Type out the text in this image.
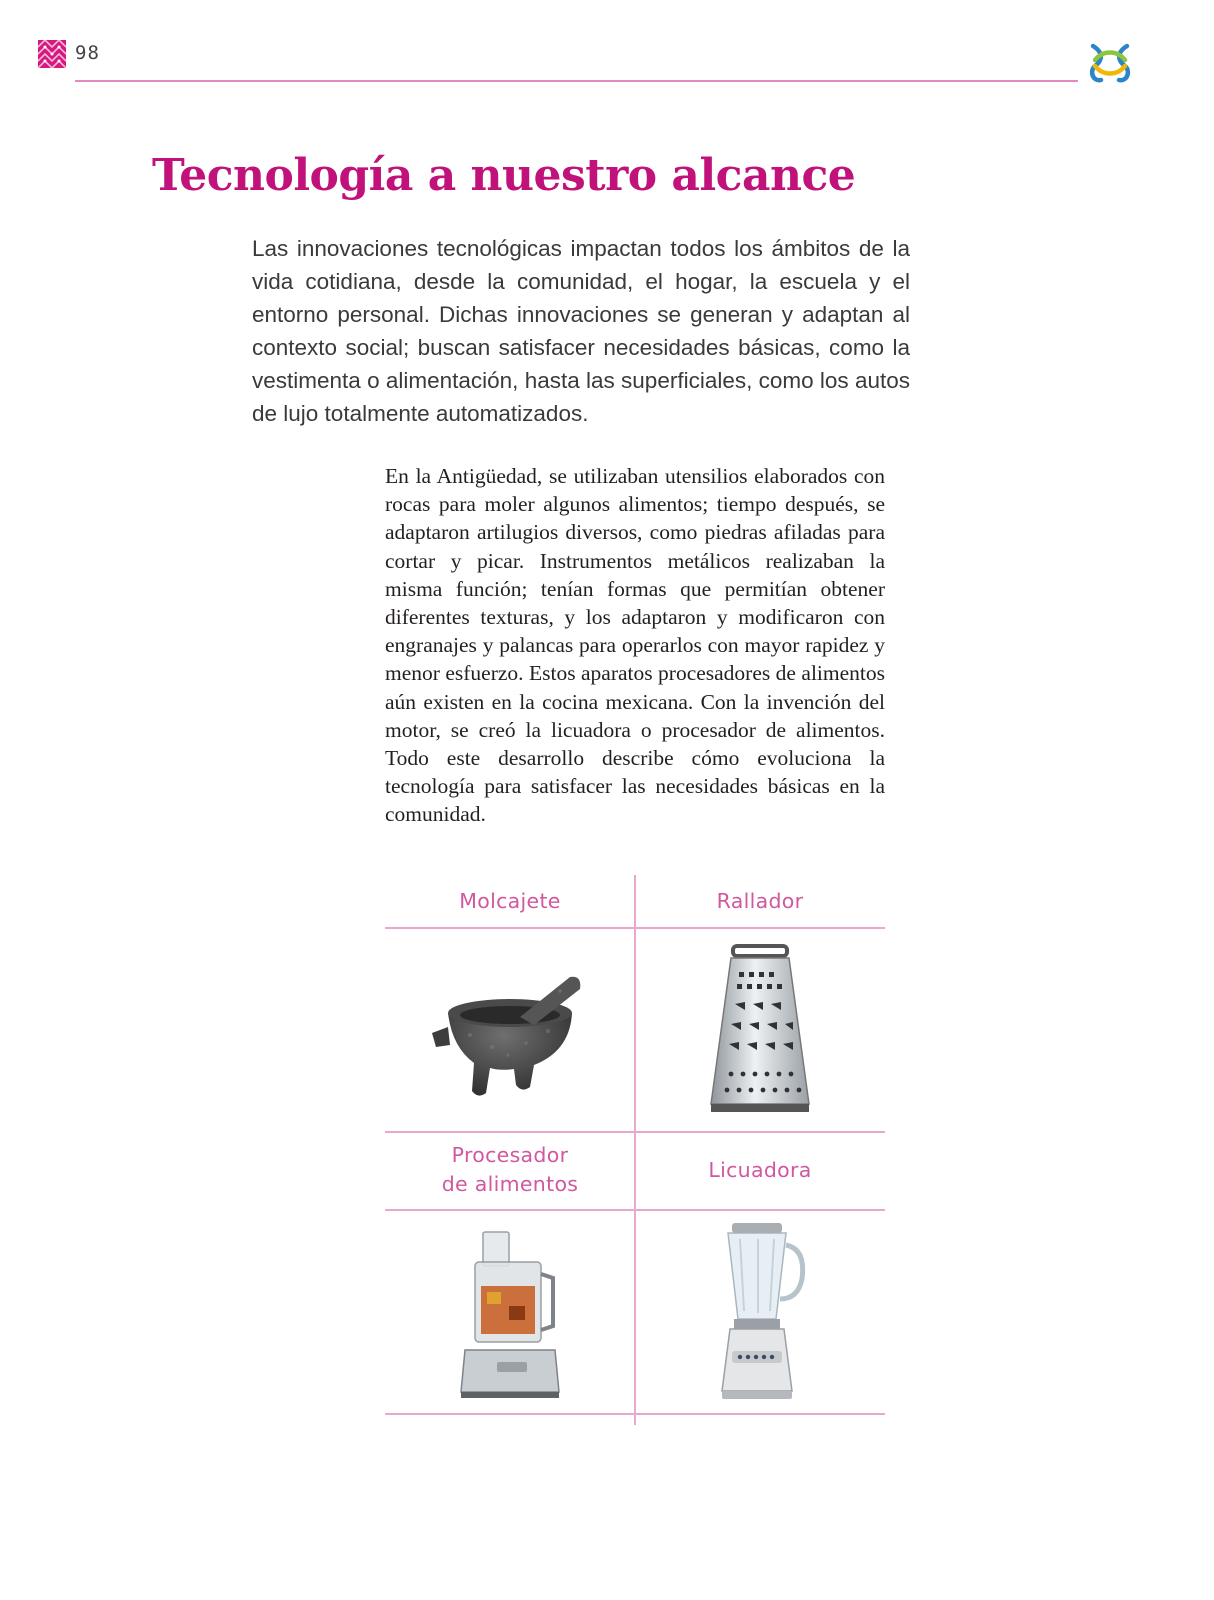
98
Tecnología a nuestro alcance

Las innovaciones tecnológicas impactan todos los ámbitos de la vida cotidiana, desde la comunidad, el hogar, la escuela y el entorno personal. Dichas innovaciones se generan y adaptan al contexto social; buscan satisfacer necesidades básicas, como la vestimenta o alimentación, hasta las superficiales, como los autos de lujo totalmente automatizados.

En la Antigüedad, se utilizaban utensilios elaborados con rocas para moler algunos alimentos; tiempo después, se adaptaron artilugios diversos, como piedras afiladas para cortar y picar. Instrumentos metálicos realizaban la misma función; tenían formas que permitían obtener diferentes texturas, y los adaptaron y modificaron con engranajes y palancas para operarlos con mayor rapidez y menor esfuerzo. Estos aparatos procesadores de alimentos aún existen en la cocina mexicana. Con la invención del motor, se creó la licuadora o procesador de alimentos. Todo este desarrollo describe cómo evoluciona la tecnología para satisfacer las necesidades básicas en la comunidad.

Molcajete	Rallador
Procesador de alimentos
Licuadora
